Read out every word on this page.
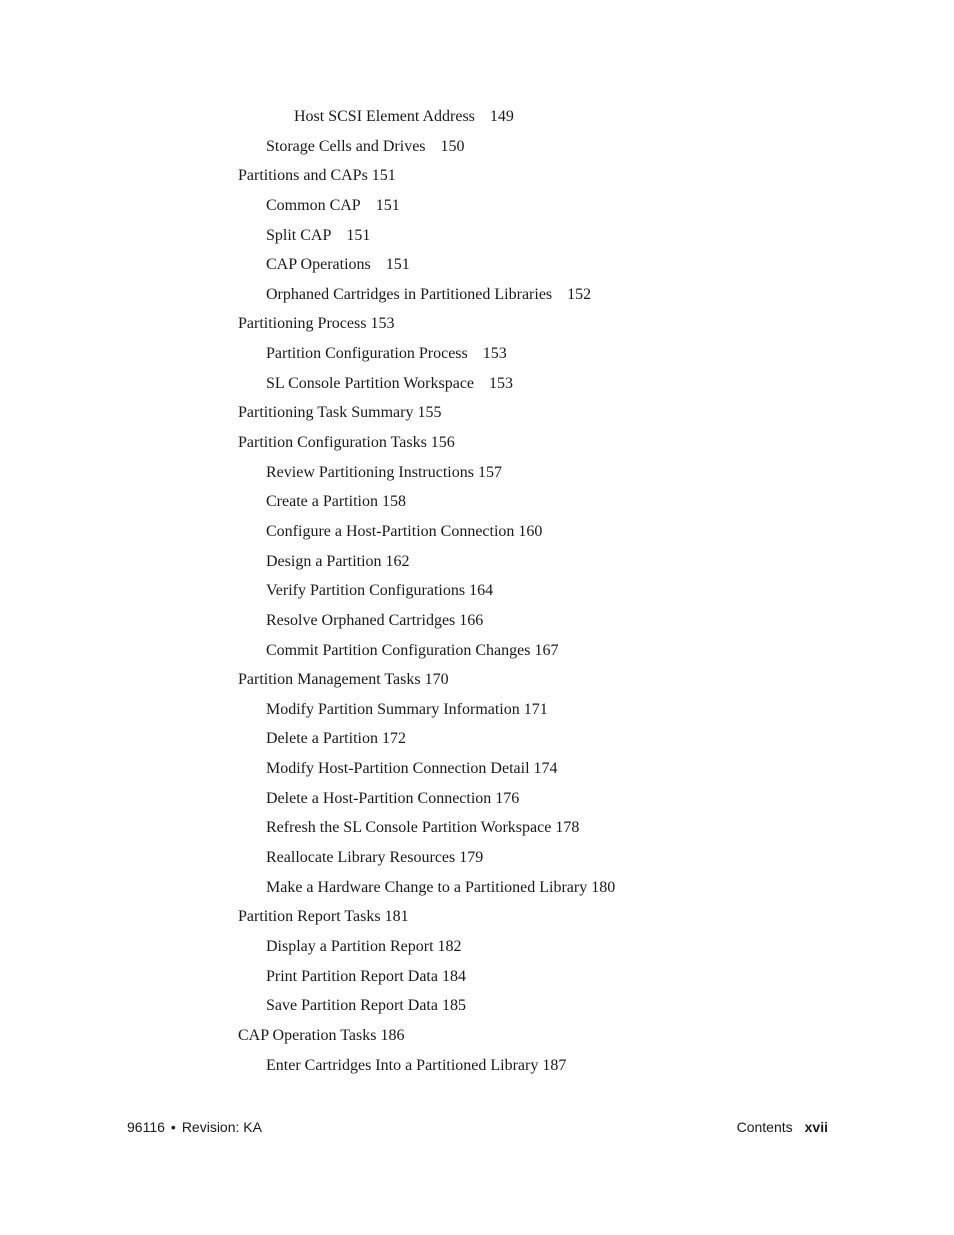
Host SCSI Element Address 149
Storage Cells and Drives 150
Partitions and CAPs 151
Common CAP 151
Split CAP 151
CAP Operations 151
Orphaned Cartridges in Partitioned Libraries 152
Partitioning Process 153
Partition Configuration Process 153
SL Console Partition Workspace 153
Partitioning Task Summary 155
Partition Configuration Tasks 156
Review Partitioning Instructions 157
Create a Partition 158
Configure a Host-Partition Connection 160
Design a Partition 162
Verify Partition Configurations 164
Resolve Orphaned Cartridges 166
Commit Partition Configuration Changes 167
Partition Management Tasks 170
Modify Partition Summary Information 171
Delete a Partition 172
Modify Host-Partition Connection Detail 174
Delete a Host-Partition Connection 176
Refresh the SL Console Partition Workspace 178
Reallocate Library Resources 179
Make a Hardware Change to a Partitioned Library 180
Partition Report Tasks 181
Display a Partition Report 182
Print Partition Report Data 184
Save Partition Report Data 185
CAP Operation Tasks 186
Enter Cartridges Into a Partitioned Library 187
96116 • Revision: KA	Contents xvii
